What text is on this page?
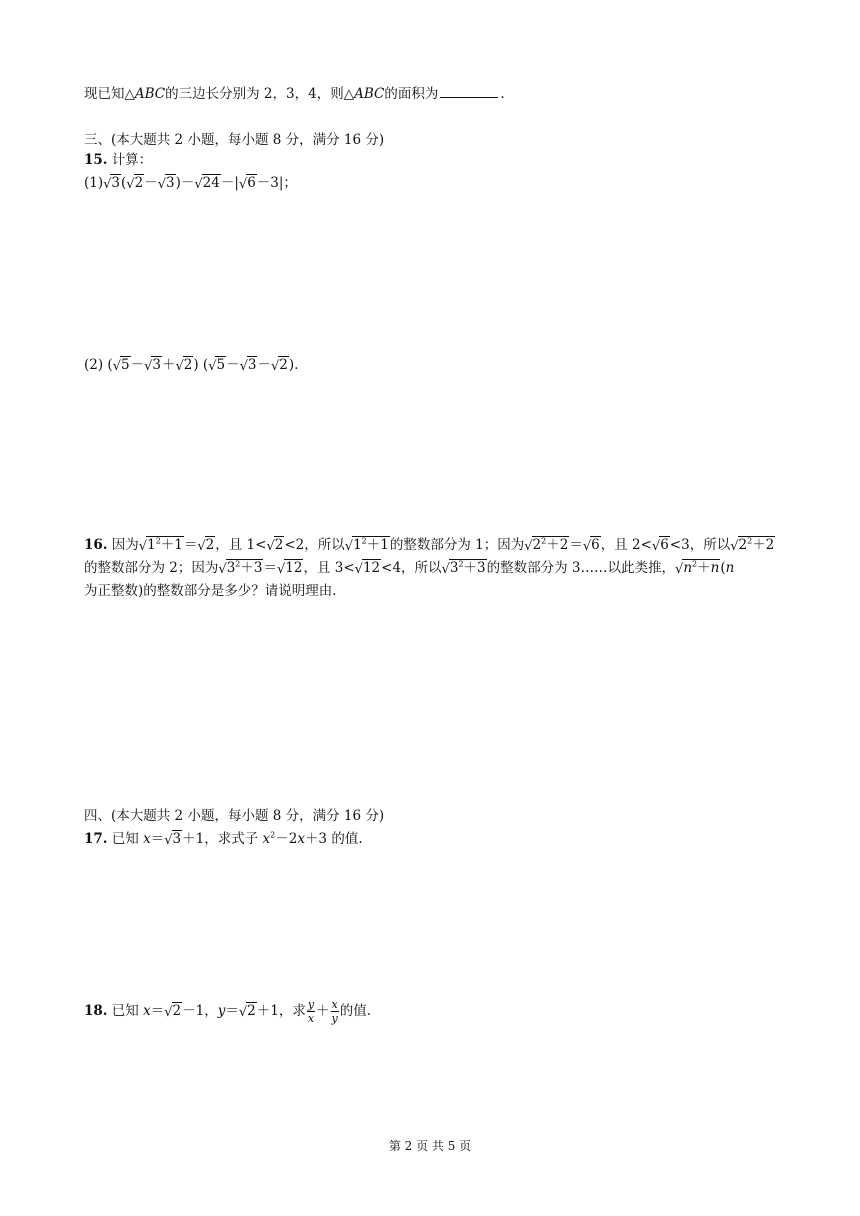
现已知△ABC的三边长分别为 2，3，4，则△ABC的面积为	.
三、(本大题共 2 小题，每小题 8 分，满分 16 分)
15. 计算：
(1)√3(√2－√3)－√24－|√6－3|；
(2) (√5－√3＋√2) (√5－√3－√2).
16. 因为$√1^2+1=√2$，且 1<√2<2，所以$√1^2+1$的整数部分为 1；因为$√2^2+2=√6$，且 2<√6<3，所以$√2^2+2$
的整数部分为 2；因为$√3^2+3=√12$，且 3<√12<4，所以$√3^2+3$的整数部分为 3……以此类推，$√n^2+n(n$
为正整数)的整数部分是多少？请说明理由.
四、(本大题共 2 小题，每小题 8 分，满分 16 分)
17. 已知 x＝√3＋1，求式子 $x^2-2x+3$ 的值.
18. 已知 x＝√2－1，y＝√2＋1，求 $\frac{y}{x} + \frac{x}{y}$ 的值.
第 2 页 共 5 页
